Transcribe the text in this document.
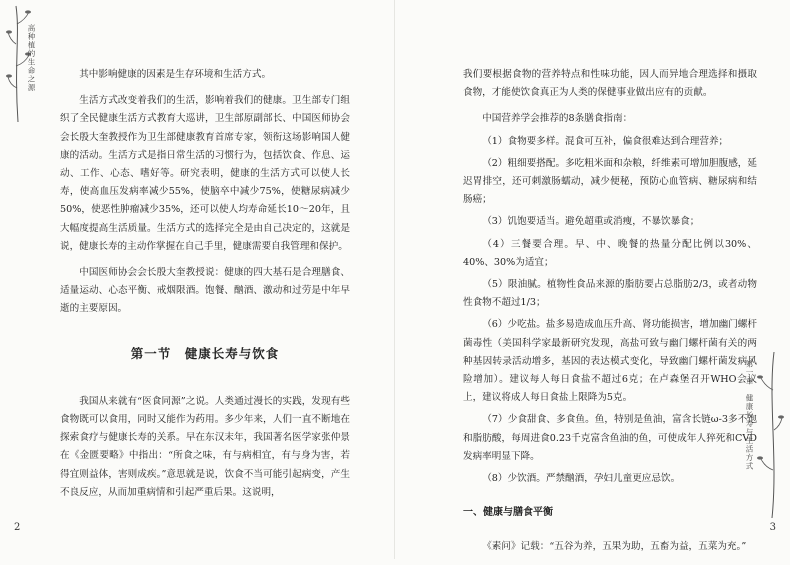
高种植的生命之源	其中影响健康的因素是生存环境和生活方式。

生活方式改变着我们的生活，影响着我们的健康。卫生部专门组织了全民健康生活方式教育大巡讲，卫生部原副部长、中国医师协会会长殷大奎教授作为卫生部健康教育首席专家，领衔这场影响国人健康的活动。生活方式是指日常生活的习惯行为，包括饮食、作息、运动、工作、心态、嗜好等。研究表明，健康的生活方式可以使人长寿，使高血压发病率减少55%，使脑卒中减少75%，使糖尿病减少50%，使恶性肿瘤减少35%，还可以使人均寿命延长10～20年，且大幅度提高生活质量。生活方式的选择完全是由自己决定的，这就是说，健康长寿的主动作掌握在自己手里，健康需要自我管理和保护。

中国医师协会会长殷大奎教授说：健康的四大基石是合理膳食、适量运动、心态平衡、戒烟限酒。饱餐、酗酒、激动和过劳是中年早逝的主要原因。

第一节　健康长寿与饮食

我国从来就有“医食同源”之说。人类通过漫长的实践，发现有些食物既可以食用，同时又能作为药用。多少年来，人们一直不断地在探索食疗与健康长寿的关系。早在东汉末年，我国著名医学家张仲景在《金匮要略》中指出：“所食之味，有与病相宜，有与身为害，若得宜则益体，害则成疾。”意思就是说，饮食不当可能引起病变，产生不良反应，从而加重病情和引起严重后果。这说明，

2

我们要根据食物的营养特点和性味功能，因人而异地合理选择和摄取食物，才能使饮食真正为人类的保健事业做出应有的贡献。

中国营养学会推荐的8条膳食指南：

（1）食物要多样。混食可互补，偏食很难达到合理营养；

（2）粗细要搭配。多吃粗米面和杂粮，纤维素可增加胆腹感，延迟胃排空，还可刺激肠蠕动，减少便秘，预防心血管病、糖尿病和结肠癌；

（3）饥饱要适当。避免超重或消瘦，不暴饮暴食；

（4）三餐要合理。早、中、晚餐的热量分配比例以30%、40%、30%为适宜；

（5）限油腻。植物性食品来源的脂肪要占总脂肪2/3，或者动物性食物不超过1/3；

（6）少吃盐。盐多易造成血压升高、肾功能损害，增加幽门螺杆菌毒性（美国科学家最新研究发现，高盐可致与幽门螺杆菌有关的两种基因转录活动增多，基因的表达模式变化，导致幽门螺杆菌发病风险增加）。建议每人每日食盐不超过6克；在卢森堡召开WHO会议上，建议将成人每日食盐上限降为5克。

（7）少食甜食、多食鱼。鱼，特别是鱼油，富含长链ω-3多不饱和脂肪酸，每周进食0.23千克富含鱼油的鱼，可使成年人猝死和CVD发病率明显下降。

（8）少饮酒。严禁酗酒，孕妇儿童更应忌饮。

一、健康与膳食平衡

《素问》记载：“五谷为养，五果为助，五畜为益，五菜为充。”

第一章　健康长寿与生活方式
3
